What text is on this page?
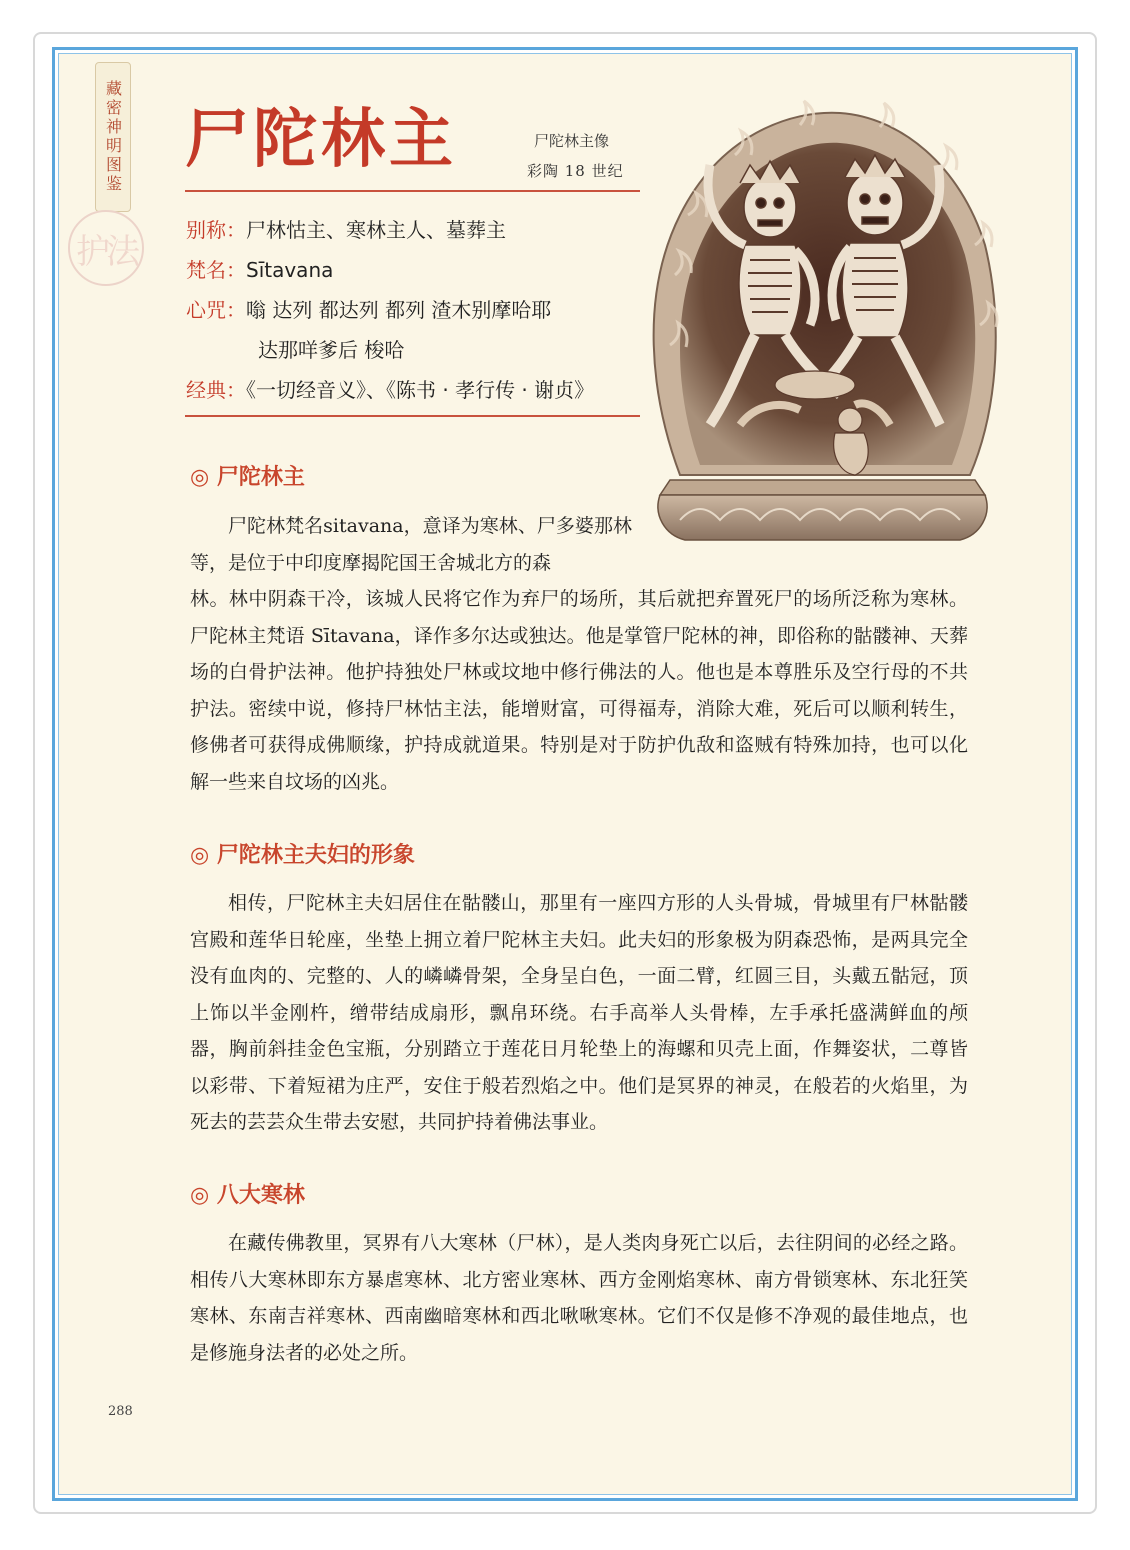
藏密神明图鉴
护法
尸陀林主	尸陀林主像
彩陶 18 世纪
别称：尸林怙主、寒林主人、墓葬主
梵名：Sītavana
心咒：嗡 达列 都达列 都列 渣木别摩哈耶
达那咩爹后 梭哈
经典：《一切经音义》、《陈书 · 孝行传 · 谢贞》
◎ 尸陀林主

尸陀林梵名sitavana，意译为寒林、尸多婆那林等，是位于中印度摩揭陀国王舍城北方的森

林。林中阴森干冷，该城人民将它作为弃尸的场所，其后就把弃置死尸的场所泛称为寒林。尸陀林主梵语 Sītavana，译作多尔达或独达。他是掌管尸陀林的神，即俗称的骷髅神、天葬场的白骨护法神。他护持独处尸林或坟地中修行佛法的人。他也是本尊胜乐及空行母的不共护法。密续中说，修持尸林怙主法，能增财富，可得福寿，消除大难，死后可以顺利转生，修佛者可获得成佛顺缘，护持成就道果。特别是对于防护仇敌和盗贼有特殊加持，也可以化解一些来自坟场的凶兆。

◎ 尸陀林主夫妇的形象

相传，尸陀林主夫妇居住在骷髅山，那里有一座四方形的人头骨城，骨城里有尸林骷髅宫殿和莲华日轮座，坐垫上拥立着尸陀林主夫妇。此夫妇的形象极为阴森恐怖，是两具完全没有血肉的、完整的、人的嶙嶙骨架，全身呈白色，一面二臂，红圆三目，头戴五骷冠，顶上饰以半金刚杵，缯带结成扇形，飘帛环绕。右手高举人头骨棒，左手承托盛满鲜血的颅器，胸前斜挂金色宝瓶，分别踏立于莲花日月轮垫上的海螺和贝壳上面，作舞姿状，二尊皆以彩带、下着短裙为庄严，安住于般若烈焰之中。他们是冥界的神灵，在般若的火焰里，为死去的芸芸众生带去安慰，共同护持着佛法事业。

◎ 八大寒林

在藏传佛教里，冥界有八大寒林（尸林），是人类肉身死亡以后，去往阴间的必经之路。相传八大寒林即东方暴虐寒林、北方密业寒林、西方金刚焰寒林、南方骨锁寒林、东北狂笑寒林、东南吉祥寒林、西南幽暗寒林和西北啾啾寒林。它们不仅是修不净观的最佳地点，也是修施身法者的必处之所。

288
